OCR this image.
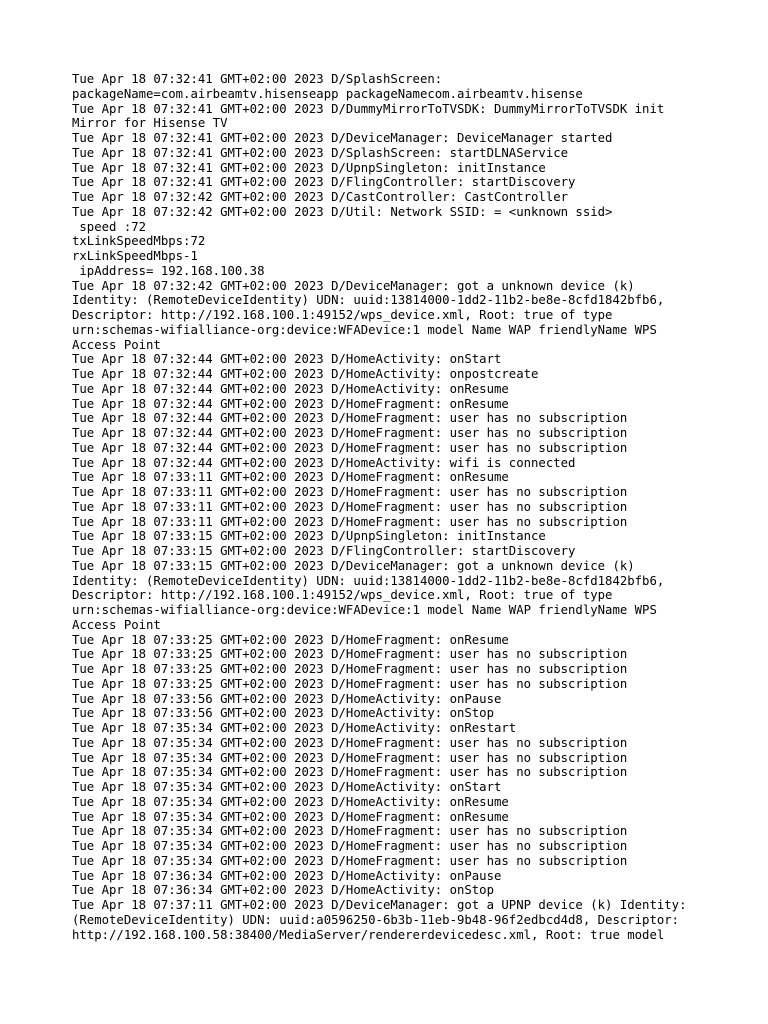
Tue Apr 18 07:32:41 GMT+02:00 2023 D/SplashScreen:
packageName=com.airbeamtv.hisenseapp packageNamecom.airbeamtv.hisense
Tue Apr 18 07:32:41 GMT+02:00 2023 D/DummyMirrorToTVSDK: DummyMirrorToTVSDK init
Mirror for Hisense TV
Tue Apr 18 07:32:41 GMT+02:00 2023 D/DeviceManager: DeviceManager started
Tue Apr 18 07:32:41 GMT+02:00 2023 D/SplashScreen: startDLNAService
Tue Apr 18 07:32:41 GMT+02:00 2023 D/UpnpSingleton: initInstance
Tue Apr 18 07:32:41 GMT+02:00 2023 D/FlingController: startDiscovery
Tue Apr 18 07:32:42 GMT+02:00 2023 D/CastController: CastController
Tue Apr 18 07:32:42 GMT+02:00 2023 D/Util: Network SSID: = <unknown ssid>
speed :72
txLinkSpeedMbps:72
rxLinkSpeedMbps-1
ipAddress= 192.168.100.38
Tue Apr 18 07:32:42 GMT+02:00 2023 D/DeviceManager: got a unknown device (k)
Identity: (RemoteDeviceIdentity) UDN: uuid:13814000-1dd2-11b2-be8e-8cfd1842bfb6,
Descriptor: http://192.168.100.1:49152/wps_device.xml, Root: true of type
urn:schemas-wifialliance-org:device:WFADevice:1 model Name WAP friendlyName WPS
Access Point
Tue Apr 18 07:32:44 GMT+02:00 2023 D/HomeActivity: onStart
Tue Apr 18 07:32:44 GMT+02:00 2023 D/HomeActivity: onpostcreate
Tue Apr 18 07:32:44 GMT+02:00 2023 D/HomeActivity: onResume
Tue Apr 18 07:32:44 GMT+02:00 2023 D/HomeFragment: onResume
Tue Apr 18 07:32:44 GMT+02:00 2023 D/HomeFragment: user has no subscription
Tue Apr 18 07:32:44 GMT+02:00 2023 D/HomeFragment: user has no subscription
Tue Apr 18 07:32:44 GMT+02:00 2023 D/HomeFragment: user has no subscription
Tue Apr 18 07:32:44 GMT+02:00 2023 D/HomeActivity: wifi is connected
Tue Apr 18 07:33:11 GMT+02:00 2023 D/HomeFragment: onResume
Tue Apr 18 07:33:11 GMT+02:00 2023 D/HomeFragment: user has no subscription
Tue Apr 18 07:33:11 GMT+02:00 2023 D/HomeFragment: user has no subscription
Tue Apr 18 07:33:11 GMT+02:00 2023 D/HomeFragment: user has no subscription
Tue Apr 18 07:33:15 GMT+02:00 2023 D/UpnpSingleton: initInstance
Tue Apr 18 07:33:15 GMT+02:00 2023 D/FlingController: startDiscovery
Tue Apr 18 07:33:15 GMT+02:00 2023 D/DeviceManager: got a unknown device (k)
Identity: (RemoteDeviceIdentity) UDN: uuid:13814000-1dd2-11b2-be8e-8cfd1842bfb6,
Descriptor: http://192.168.100.1:49152/wps_device.xml, Root: true of type
urn:schemas-wifialliance-org:device:WFADevice:1 model Name WAP friendlyName WPS
Access Point
Tue Apr 18 07:33:25 GMT+02:00 2023 D/HomeFragment: onResume
Tue Apr 18 07:33:25 GMT+02:00 2023 D/HomeFragment: user has no subscription
Tue Apr 18 07:33:25 GMT+02:00 2023 D/HomeFragment: user has no subscription
Tue Apr 18 07:33:25 GMT+02:00 2023 D/HomeFragment: user has no subscription
Tue Apr 18 07:33:56 GMT+02:00 2023 D/HomeActivity: onPause
Tue Apr 18 07:33:56 GMT+02:00 2023 D/HomeActivity: onStop
Tue Apr 18 07:35:34 GMT+02:00 2023 D/HomeActivity: onRestart
Tue Apr 18 07:35:34 GMT+02:00 2023 D/HomeFragment: user has no subscription
Tue Apr 18 07:35:34 GMT+02:00 2023 D/HomeFragment: user has no subscription
Tue Apr 18 07:35:34 GMT+02:00 2023 D/HomeFragment: user has no subscription
Tue Apr 18 07:35:34 GMT+02:00 2023 D/HomeActivity: onStart
Tue Apr 18 07:35:34 GMT+02:00 2023 D/HomeActivity: onResume
Tue Apr 18 07:35:34 GMT+02:00 2023 D/HomeFragment: onResume
Tue Apr 18 07:35:34 GMT+02:00 2023 D/HomeFragment: user has no subscription
Tue Apr 18 07:35:34 GMT+02:00 2023 D/HomeFragment: user has no subscription
Tue Apr 18 07:35:34 GMT+02:00 2023 D/HomeFragment: user has no subscription
Tue Apr 18 07:36:34 GMT+02:00 2023 D/HomeActivity: onPause
Tue Apr 18 07:36:34 GMT+02:00 2023 D/HomeActivity: onStop
Tue Apr 18 07:37:11 GMT+02:00 2023 D/DeviceManager: got a UPNP device (k) Identity:
(RemoteDeviceIdentity) UDN: uuid:a0596250-6b3b-11eb-9b48-96f2edbcd4d8, Descriptor:
http://192.168.100.58:38400/MediaServer/rendererdevicedesc.xml, Root: true model
